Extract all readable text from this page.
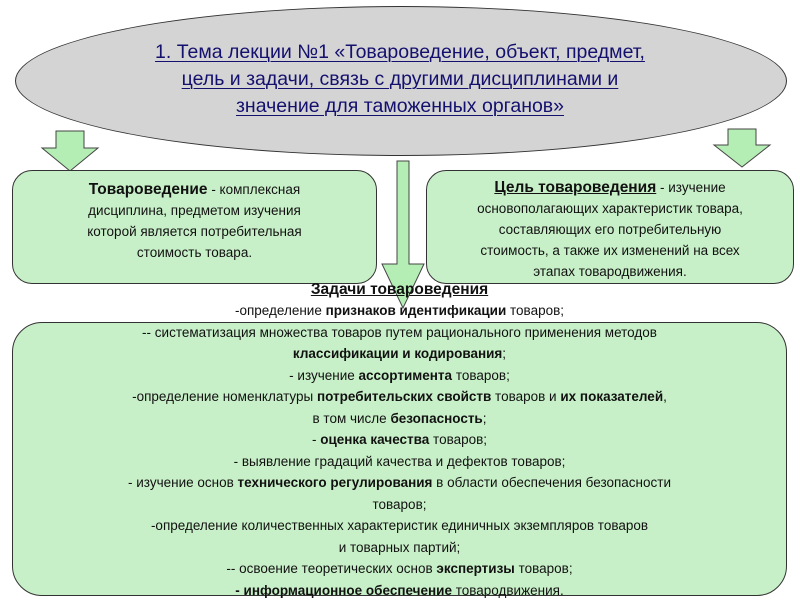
1. Тема лекции №1 «Товароведение, объект, предмет,
цель и задачи, связь с другими дисциплинами и
значение для таможенных органов»
Товароведение - комплексная
дисциплина, предметом изучения
которой является потребительная
стоимость товара.
Цель товароведения - изучение
основополагающих характеристик товара,
составляющих его потребительную
стоимость, а также их изменений на всех
этапах товародвижения.
Задачи товароведения
-определение признаков идентификации товаров;
-- систематизация множества товаров путем рационального применения методов
классификации и кодирования;
- изучение ассортимента товаров;
-определение номенклатуры потребительских свойств товаров и их показателей,
в том числе безопасность;
- оценка качества товаров;
- выявление градаций качества и дефектов товаров;
- изучение основ технического регулирования в области обеспечения безопасности
товаров;
-определение количественных характеристик единичных экземпляров товаров
и товарных партий;
-- освоение теоретических основ экспертизы товаров;
- информационное обеспечение товародвижения.
